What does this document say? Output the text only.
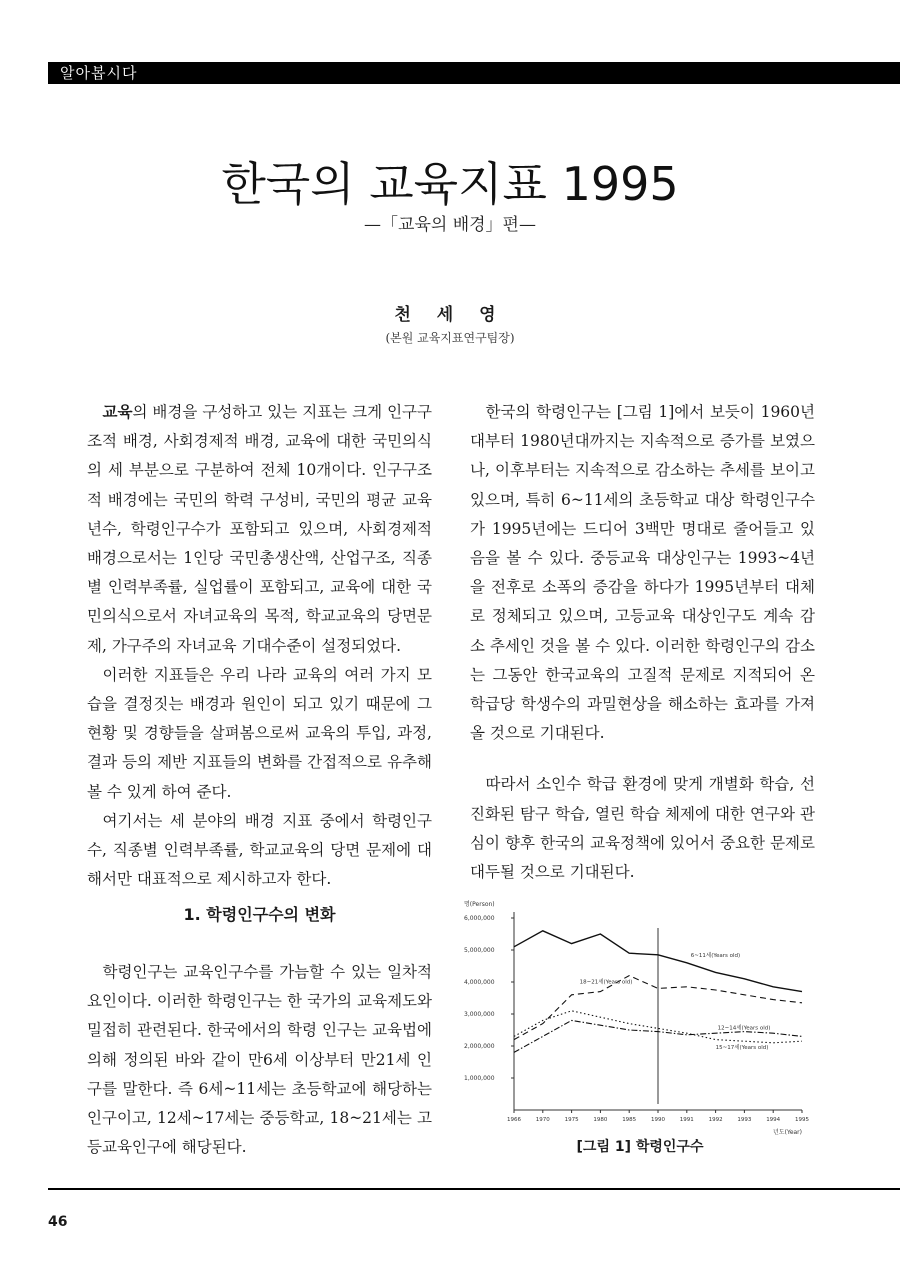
알아봅시다
한국의 교육지표 1995
—「교육의 배경」편—
천 세 영
(본원 교육지표연구팀장)

교육의 배경을 구성하고 있는 지표는 크게 인구구조적 배경, 사회경제적 배경, 교육에 대한 국민의식의 세 부분으로 구분하여 전체 10개이다. 인구구조적 배경에는 국민의 학력 구성비, 국민의 평균 교육년수, 학령인구수가 포함되고 있으며, 사회경제적 배경으로서는 1인당 국민총생산액, 산업구조, 직종별 인력부족률, 실업률이 포함되고, 교육에 대한 국민의식으로서 자녀교육의 목적, 학교교육의 당면문제, 가구주의 자녀교육 기대수준이 설정되었다.

이러한 지표들은 우리 나라 교육의 여러 가지 모습을 결정짓는 배경과 원인이 되고 있기 때문에 그 현황 및 경향들을 살펴봄으로써 교육의 투입, 과정, 결과 등의 제반 지표들의 변화를 간접적으로 유추해 볼 수 있게 하여 준다.

여기서는 세 분야의 배경 지표 중에서 학령인구수, 직종별 인력부족률, 학교교육의 당면 문제에 대해서만 대표적으로 제시하고자 한다.

1. 학령인구수의 변화

학령인구는 교육인구수를 가늠할 수 있는 일차적 요인이다. 이러한 학령인구는 한 국가의 교육제도와 밀접히 관련된다. 한국에서의 학령 인구는 교육법에 의해 정의된 바와 같이 만6세 이상부터 만21세 인구를 말한다. 즉 6세~11세는 초등학교에 해당하는 인구이고, 12세~17세는 중등학교, 18~21세는 고등교육인구에 해당된다.

한국의 학령인구는 [그림 1]에서 보듯이 1960년대부터 1980년대까지는 지속적으로 증가를 보였으나, 이후부터는 지속적으로 감소하는 추세를 보이고 있으며, 특히 6~11세의 초등학교 대상 학령인구수가 1995년에는 드디어 3백만 명대로 줄어들고 있음을 볼 수 있다. 중등교육 대상인구는 1993~4년을 전후로 소폭의 증감을 하다가 1995년부터 대체로 정체되고 있으며, 고등교육 대상인구도 계속 감소 추세인 것을 볼 수 있다. 이러한 학령인구의 감소는 그동안 한국교육의 고질적 문제로 지적되어 온 학급당 학생수의 과밀현상을 해소하는 효과를 가져올 것으로 기대된다.

따라서 소인수 학급 환경에 맞게 개별화 학습, 선진화된 탐구 학습, 열린 학습 체제에 대한 연구와 관심이 향후 한국의 교육정책에 있어서 중요한 문제로 대두될 것으로 기대된다.

명(Person)
1,000,000
2,000,000
3,000,000
4,000,000
5,000,000
6,000,000
1966	1970	1975	1980	1985	1990	1991	1992	1993	1994	1995
년도(Year)
6~11세(Years old)
18~21세(Years old)
12~14세(Years old)
15~17세(Years old)
[그림 1] 학령인구수
46
